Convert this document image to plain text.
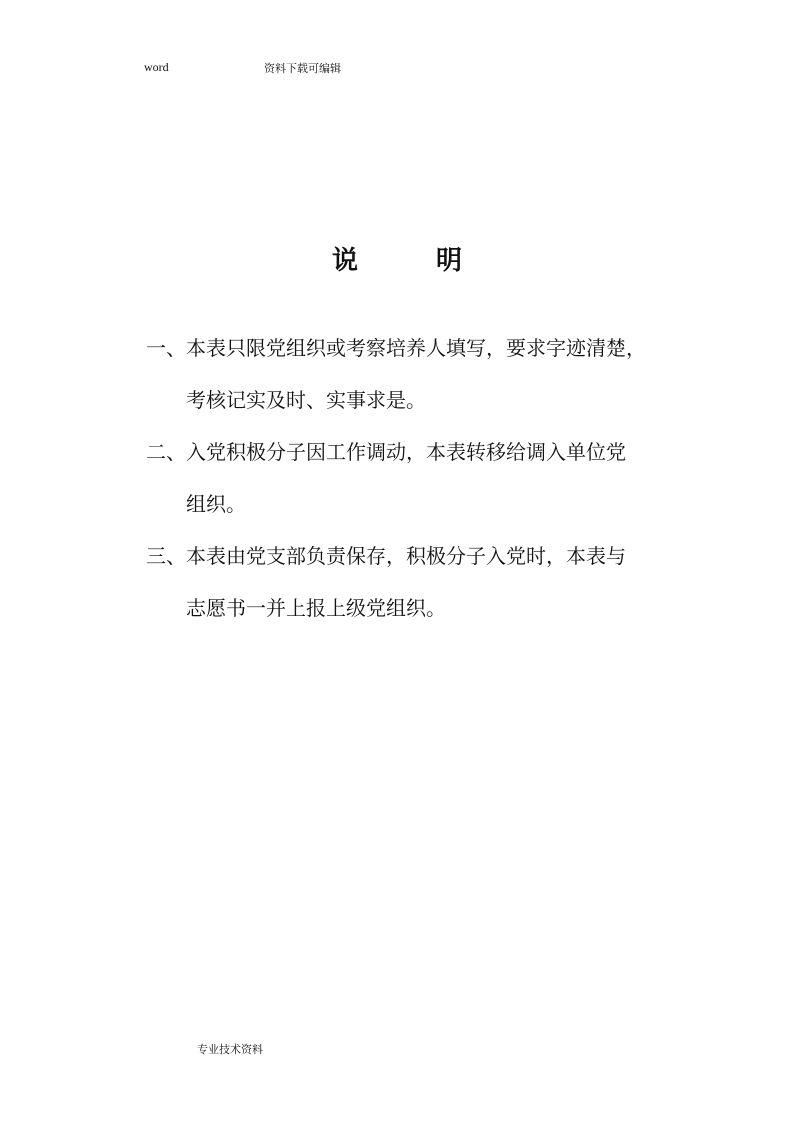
word	资料下载可编辑
说	明
一、本表只限党组织或考察培养人填写，要求字迹清楚，
考核记实及时、实事求是。
二、入党积极分子因工作调动，本表转移给调入单位党
组织。
三、本表由党支部负责保存，积极分子入党时，本表与
志愿书一并上报上级党组织。
专业技术资料
